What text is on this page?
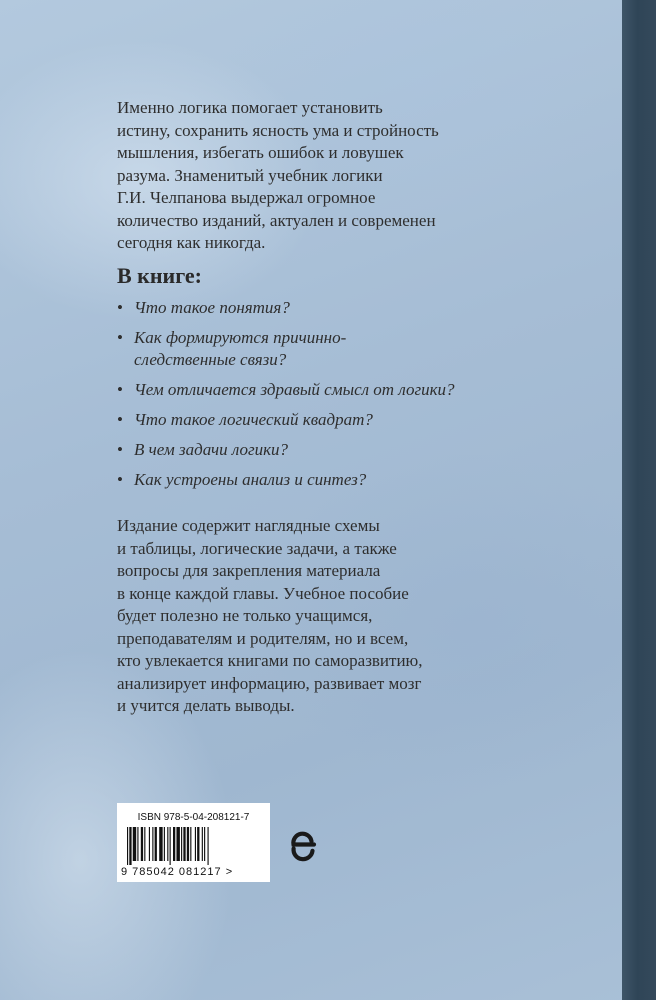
Именно логика помогает установить
истину, сохранить ясность ума и стройность
мышления, избегать ошибок и ловушек
разума. Знаменитый учебник логики
Г.И. Челпанова выдержал огромное
количество изданий, актуален и современен
сегодня как никогда.
В книге:
• Что такое понятия?
• Как формируются причинно-
следственные связи?
• Чем отличается здравый смысл от логики?
• Что такое логический квадрат?
• В чем задачи логики?
• Как устроены анализ и синтез?
Издание содержит наглядные схемы
и таблицы, логические задачи, а также
вопросы для закрепления материала
в конце каждой главы. Учебное пособие
будет полезно не только учащимся,
преподавателям и родителям, но и всем,
кто увлекается книгами по саморазвитию,
анализирует информацию, развивает мозг
и учится делать выводы.
ISBN 978-5-04-208121-7
9 785042 081217 >
